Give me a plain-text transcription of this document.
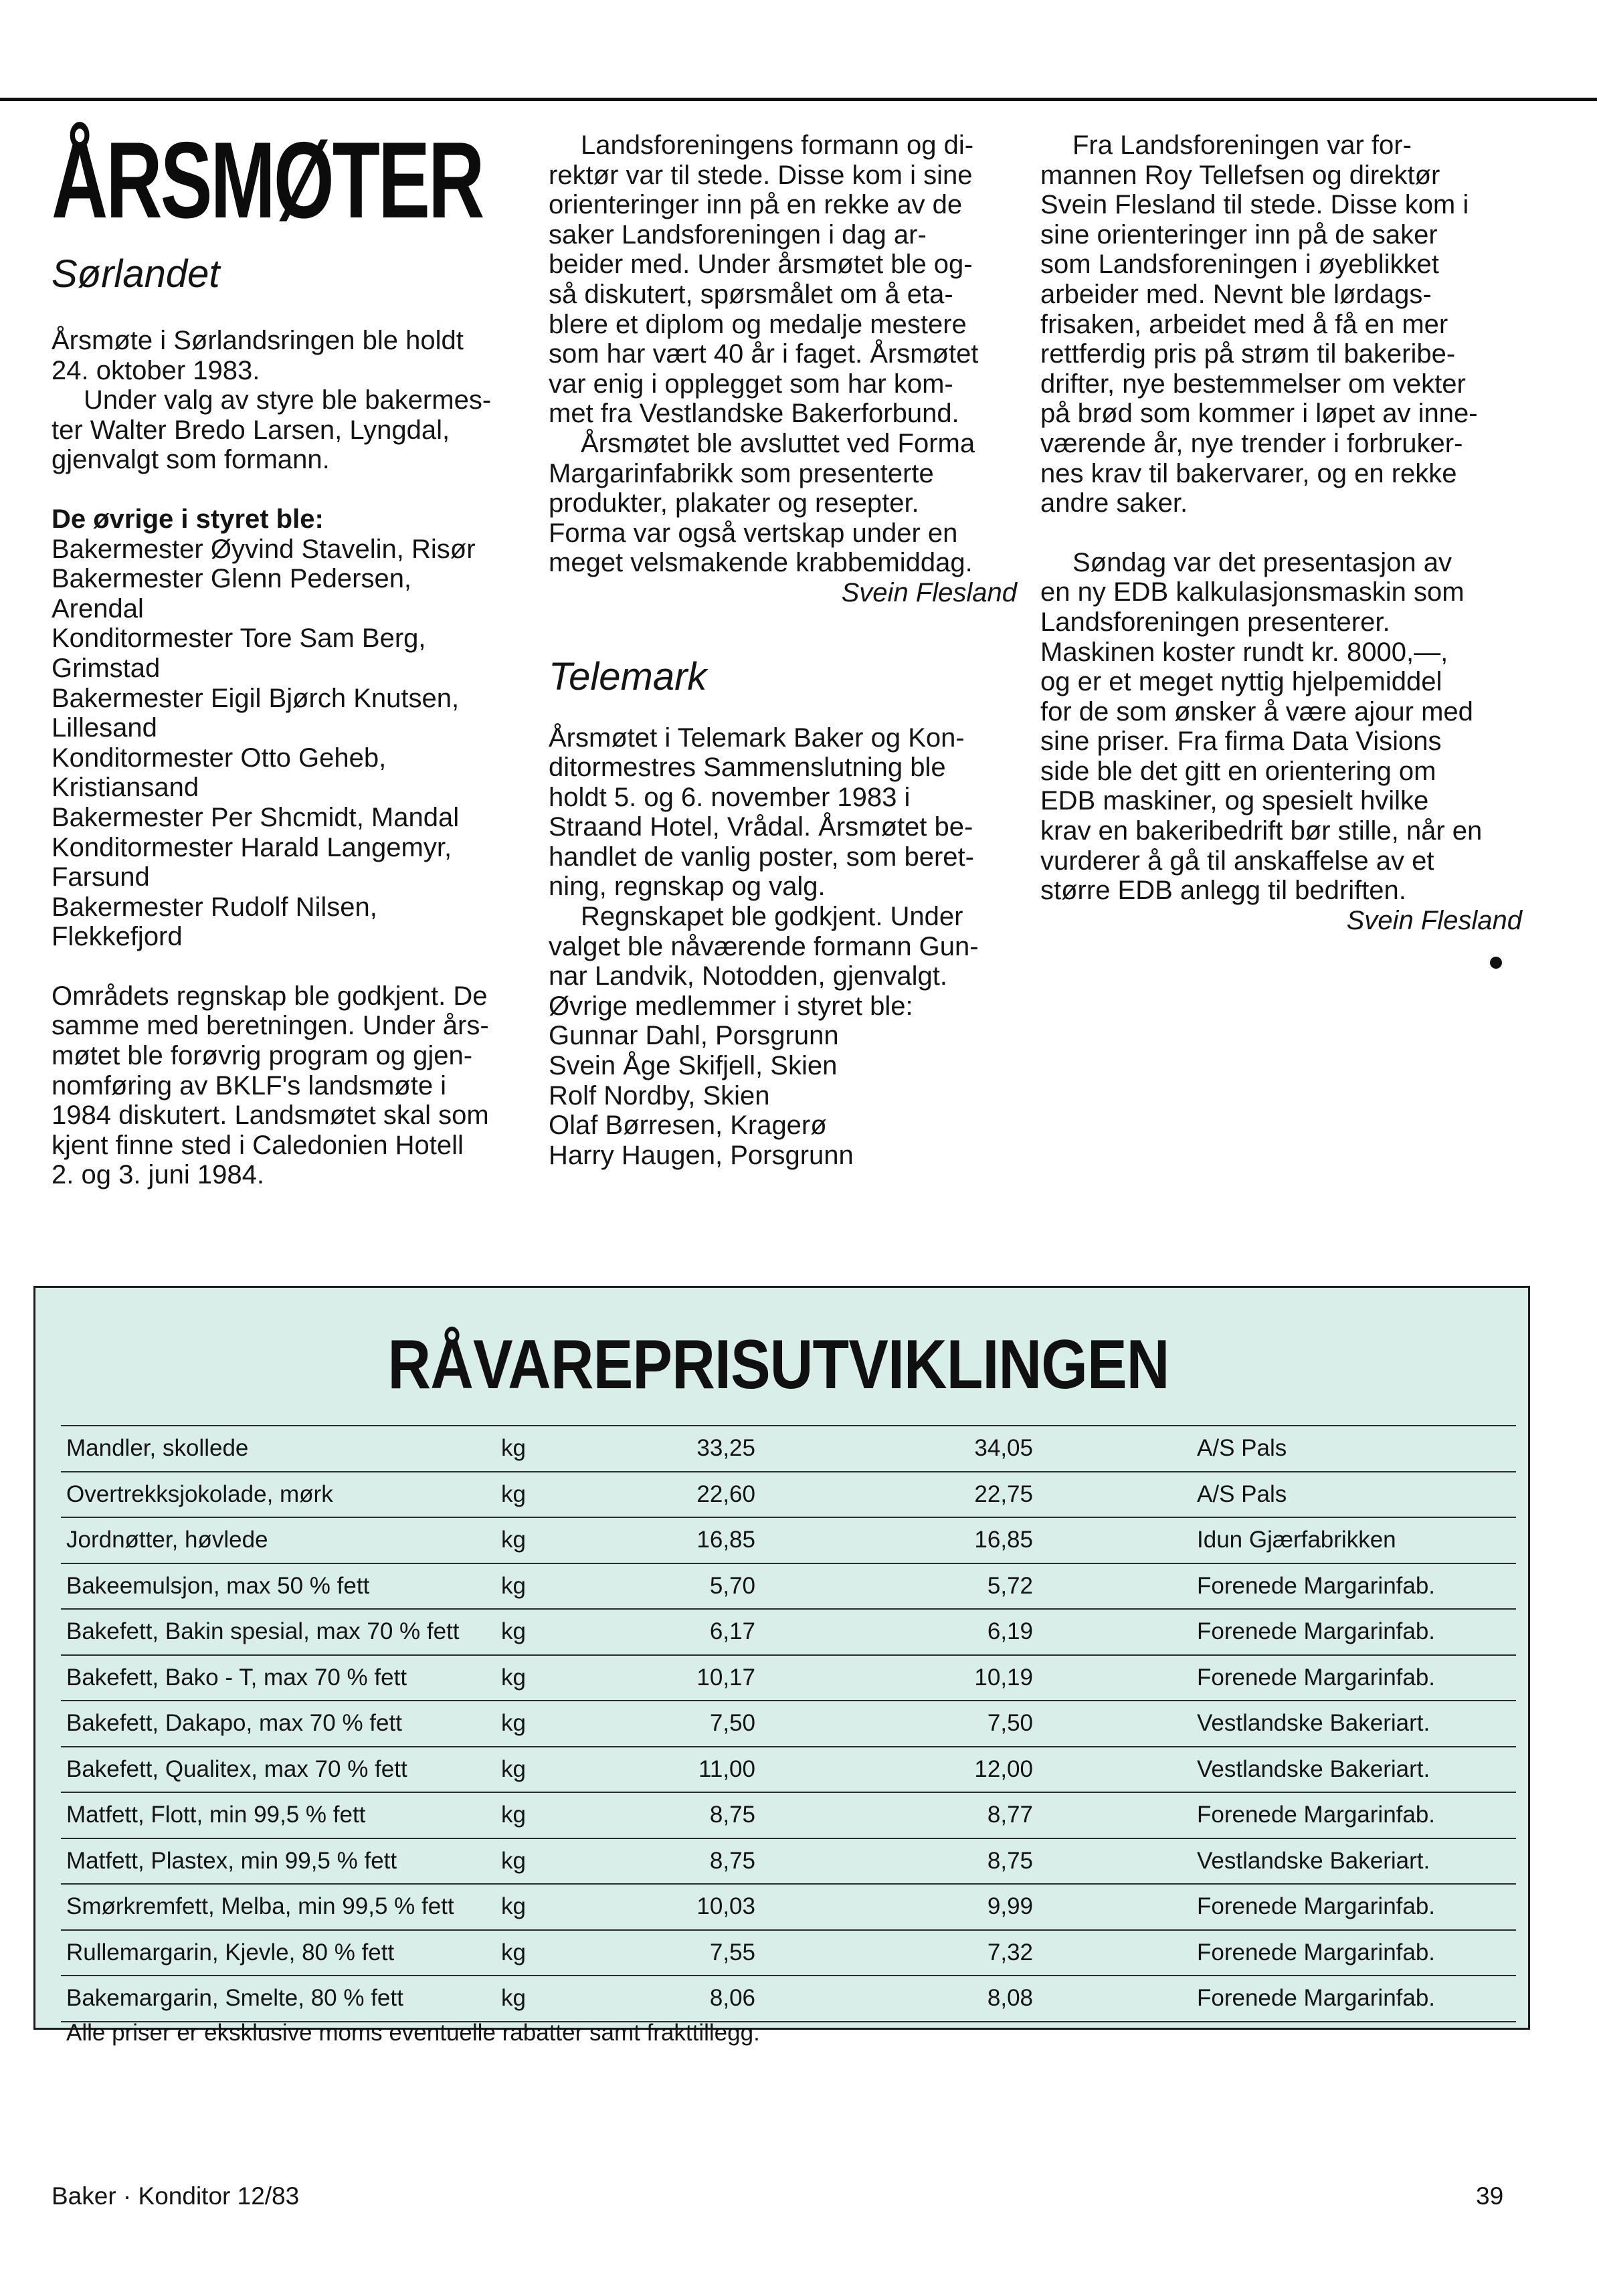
ÅRSMØTER
Sørlandet

Årsmøte i Sørlandsringen ble holdt

24. oktober 1983.

Under valg av styre ble bakermes-

ter Walter Bredo Larsen, Lyngdal,

gjenvalgt som formann.

De øvrige i styret ble:

Bakermester Øyvind Stavelin, Risør

Bakermester Glenn Pedersen,

Arendal

Konditormester Tore Sam Berg,

Grimstad

Bakermester Eigil Bjørch Knutsen,

Lillesand

Konditormester Otto Geheb,

Kristiansand

Bakermester Per Shcmidt, Mandal

Konditormester Harald Langemyr,

Farsund

Bakermester Rudolf Nilsen,

Flekkefjord

Områdets regnskap ble godkjent. De

samme med beretningen. Under års-

møtet ble forøvrig program og gjen-

nomføring av BKLF's landsmøte i

1984 diskutert. Landsmøtet skal som

kjent finne sted i Caledonien Hotell

2. og 3. juni 1984.

Landsforeningens formann og di-

rektør var til stede. Disse kom i sine

orienteringer inn på en rekke av de

saker Landsforeningen i dag ar-

beider med. Under årsmøtet ble og-

så diskutert, spørsmålet om å eta-

blere et diplom og medalje mestere

som har vært 40 år i faget. Årsmøtet

var enig i opplegget som har kom-

met fra Vestlandske Bakerforbund.

Årsmøtet ble avsluttet ved Forma

Margarinfabrikk som presenterte

produkter, plakater og resepter.

Forma var også vertskap under en

meget velsmakende krabbemiddag.

Svein Flesland

Telemark

Årsmøtet i Telemark Baker og Kon-

ditormestres Sammenslutning ble

holdt 5. og 6. november 1983 i

Straand Hotel, Vrådal. Årsmøtet be-

handlet de vanlig poster, som beret-

ning, regnskap og valg.

Regnskapet ble godkjent. Under

valget ble nåværende formann Gun-

nar Landvik, Notodden, gjenvalgt.

Øvrige medlemmer i styret ble:

Gunnar Dahl, Porsgrunn

Svein Åge Skifjell, Skien

Rolf Nordby, Skien

Olaf Børresen, Kragerø

Harry Haugen, Porsgrunn

Fra Landsforeningen var for-

mannen Roy Tellefsen og direktør

Svein Flesland til stede. Disse kom i

sine orienteringer inn på de saker

som Landsforeningen i øyeblikket

arbeider med. Nevnt ble lørdags-

frisaken, arbeidet med å få en mer

rettferdig pris på strøm til bakeribe-

drifter, nye bestemmelser om vekter

på brød som kommer i løpet av inne-

værende år, nye trender i forbruker-

nes krav til bakervarer, og en rekke

andre saker.

Søndag var det presentasjon av

en ny EDB kalkulasjonsmaskin som

Landsforeningen presenterer.

Maskinen koster rundt kr. 8000,—,

og er et meget nyttig hjelpemiddel

for de som ønsker å være ajour med

sine priser. Fra firma Data Visions

side ble det gitt en orientering om

EDB maskiner, og spesielt hvilke

krav en bakeribedrift bør stille, når en

vurderer å gå til anskaffelse av et

større EDB anlegg til bedriften.

Svein Flesland

RÅVAREPRISUTVIKLINGEN
Mandler, skollede	kg	33,25		34,05		A/S Pals
Overtrekksjokolade, mørk	kg	22,60		22,75		A/S Pals
Jordnøtter, høvlede	kg	16,85		16,85		Idun Gjærfabrikken
Bakeemulsjon, max 50 % fett	kg	5,70		5,72		Forenede Margarinfab.
Bakefett, Bakin spesial, max 70 % fett	kg	6,17		6,19		Forenede Margarinfab.
Bakefett, Bako - T, max 70 % fett	kg	10,17		10,19		Forenede Margarinfab.
Bakefett, Dakapo, max 70 % fett	kg	7,50		7,50		Vestlandske Bakeriart.
Bakefett, Qualitex, max 70 % fett	kg	11,00		12,00		Vestlandske Bakeriart.
Matfett, Flott, min 99,5 % fett	kg	8,75		8,77		Forenede Margarinfab.
Matfett, Plastex, min 99,5 % fett	kg	8,75		8,75		Vestlandske Bakeriart.
Smørkremfett, Melba, min 99,5 % fett	kg	10,03		9,99		Forenede Margarinfab.
Rullemargarin, Kjevle, 80 % fett	kg	7,55		7,32		Forenede Margarinfab.
Bakemargarin, Smelte, 80 % fett	kg	8,06		8,08		Forenede Margarinfab.
Alle priser er eksklusive moms eventuelle rabatter samt frakttillegg.
Baker · Konditor 12/83	39
